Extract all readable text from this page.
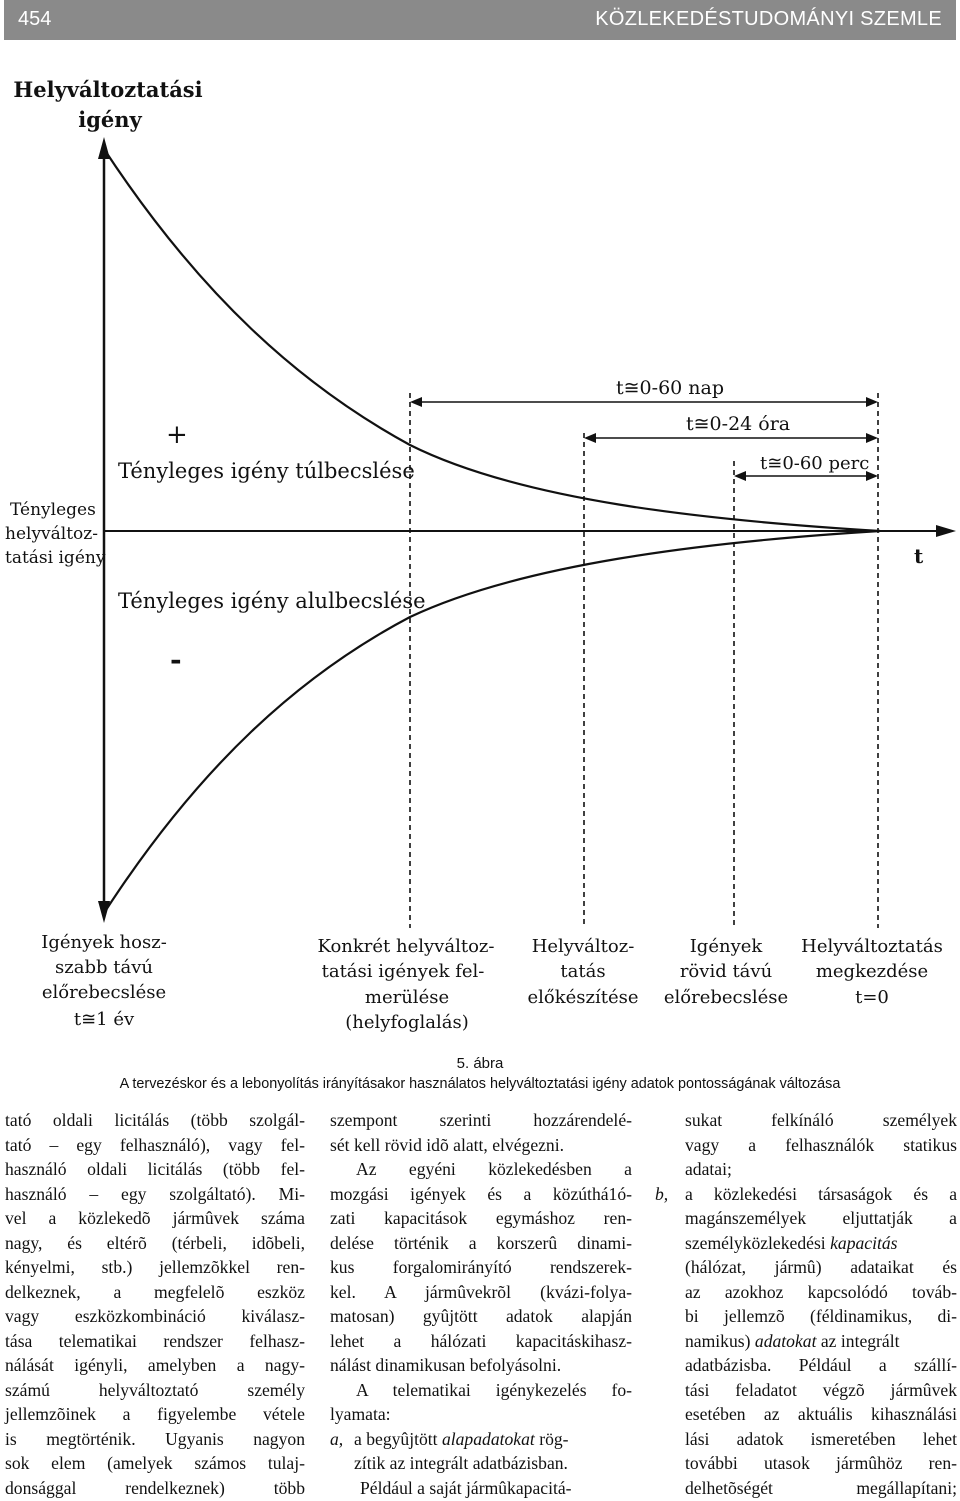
454	KÖZLEKEDÉSTUDOMÁNYI SZEMLE
t≅0-60 nap
t≅0-24 óra
t≅0-60 perc
Helyváltoztatási
igény
+
Tényleges igény túlbecslése
Tényleges igény alulbecslése
-
Tényleges
helyváltoz-
tatási igény	t
Igények hosz-
szabb távú
előrebecslése
t≅1 év
Konkrét helyváltoz-
tatási igények fel-
merülése
(helyfoglalás)
Helyváltoz-
tatás
előkészítése
Igények
rövid távú
előrebecslése
Helyváltoztatás
megkezdése
t=0
5. ábra
A tervezéskor és a lebonyolítás irányításakor használatos helyváltoztatási igény adatok pontosságának változása

tató oldali licitálás (több szolgál-

tató – egy felhasználó), vagy fel-

használó oldali licitálás (több fel-

használó – egy szolgáltató). Mi-

vel a közlekedõ jármûvek száma

nagy, és eltérõ (térbeli, idõbeli,

kényelmi, stb.) jellemzõkkel ren-

delkeznek, a megfelelõ eszköz

vagy eszközkombináció kiválasz-

tása telematikai rendszer felhasz-

nálását igényli, amelyben a nagy-

számú helyváltoztató személy

jellemzõinek a figyelembe vétele

is megtörténik. Ugyanis nagyon

sok elem (amelyek számos tulaj-

donsággal rendelkeznek) több

szempont szerinti hozzárendelé-

sét kell rövid idõ alatt, elvégezni.

Az egyéni közlekedésben a

mozgási igények és a közúthá1ó-

zati kapacitások egymáshoz ren-

delése történik a korszerû dinami-

kus forgalomirányító rendszerek-

kel. A jármûvekrõl (kvázi-folya-

matosan) gyûjtött adatok alapján

lehet a hálózati kapacitáskihasz-

nálást dinamikusan befolyásolni.

A telematikai igénykezelés fo-

lyamata:

a, a begyûjtött alapadatokat rög-

zítik az integrált adatbázisban.

Például a saját jármûkapacitá-

sukat felkínáló személyek

vagy a felhasználók statikus

adatai;

b, a közlekedési társaságok és a

magánszemélyek eljuttatják a

személyközlekedési kapacitás

(hálózat, jármû) adataikat és

az azokhoz kapcsolódó továb-

bi jellemzõ (féldinamikus, di-

namikus) adatokat az integrált

adatbázisba. Például a szállí-

tási feladatot végzõ jármûvek

esetében az aktuális kihasználási

lási adatok ismeretében lehet

további utasok jármûhöz ren-

delhetõségét megállapítani;
